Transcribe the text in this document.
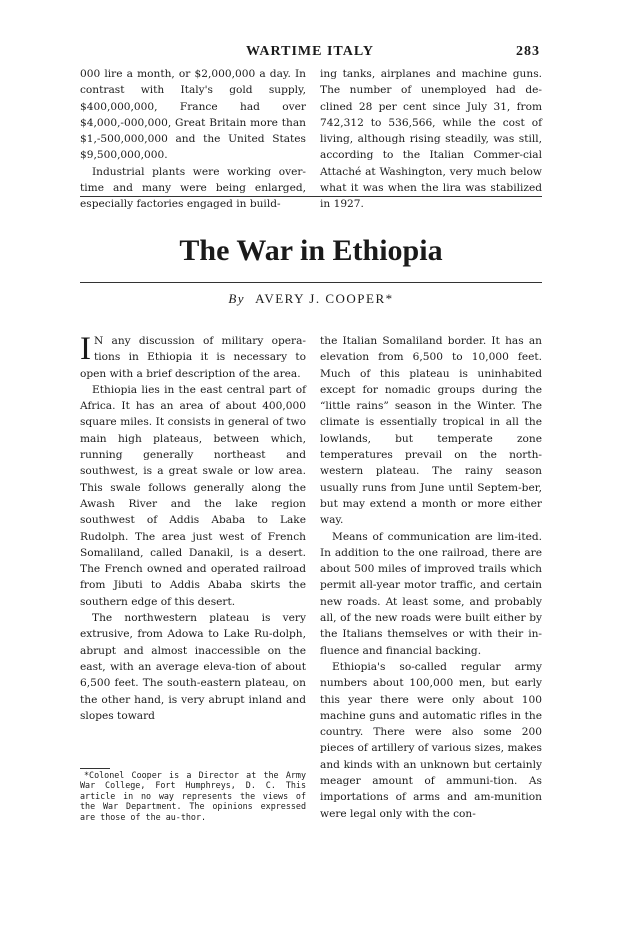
WARTIME ITALY	283

000 lire a month, or $2,000,000 a day. In contrast with Italy's gold supply, $400,000,000, France had over $4,000,-000,000, Great Britain more than $1,-500,000,000 and the United States $9,500,000,000.

Industrial plants were working over-time and many were being enlarged, especially factories engaged in build-

ing tanks, airplanes and machine guns. The number of unemployed had de-clined 28 per cent since July 31, from 742,312 to 536,566, while the cost of living, although rising steadily, was still, according to the Italian Commer-cial Attaché at Washington, very much below what it was when the lira was stabilized in 1927.

The War in Ethiopia
By AVERY J. COOPER*

I N any discussion of military opera-tions in Ethiopia it is necessary to open with a brief description of the area.

Ethiopia lies in the east central part of Africa. It has an area of about 400,000 square miles. It consists in general of two main high plateaus, between which, running generally northeast and southwest, is a great swale or low area. This swale follows generally along the Awash River and the lake region southwest of Addis Ababa to Lake Rudolph. The area just west of French Somaliland, called Danakil, is a desert. The French owned and operated railroad from Jibuti to Addis Ababa skirts the southern edge of this desert.

The northwestern plateau is very extrusive, from Adowa to Lake Ru-dolph, abrupt and almost inaccessible on the east, with an average eleva-tion of about 6,500 feet. The south-eastern plateau, on the other hand, is very abrupt inland and slopes toward

*Colonel Cooper is a Director at the Army War College, Fort Humphreys, D. C. This article in no way represents the views of the War Department. The opinions expressed are those of the au-thor.

the Italian Somaliland border. It has an elevation from 6,500 to 10,000 feet. Much of this plateau is uninhabited except for nomadic groups during the “little rains” season in the Winter. The climate is essentially tropical in all the lowlands, but temperate zone temperatures prevail on the north-western plateau. The rainy season usually runs from June until Septem-ber, but may extend a month or more either way.

Means of communication are lim-ited. In addition to the one railroad, there are about 500 miles of improved trails which permit all-year motor traffic, and certain new roads. At least some, and probably all, of the new roads were built either by the Italians themselves or with their in-fluence and financial backing.

Ethiopia's so-called regular army numbers about 100,000 men, but early this year there were only about 100 machine guns and automatic rifles in the country. There were also some 200 pieces of artillery of various sizes, makes and kinds with an unknown but certainly meager amount of ammuni-tion. As importations of arms and am-munition were legal only with the con-
